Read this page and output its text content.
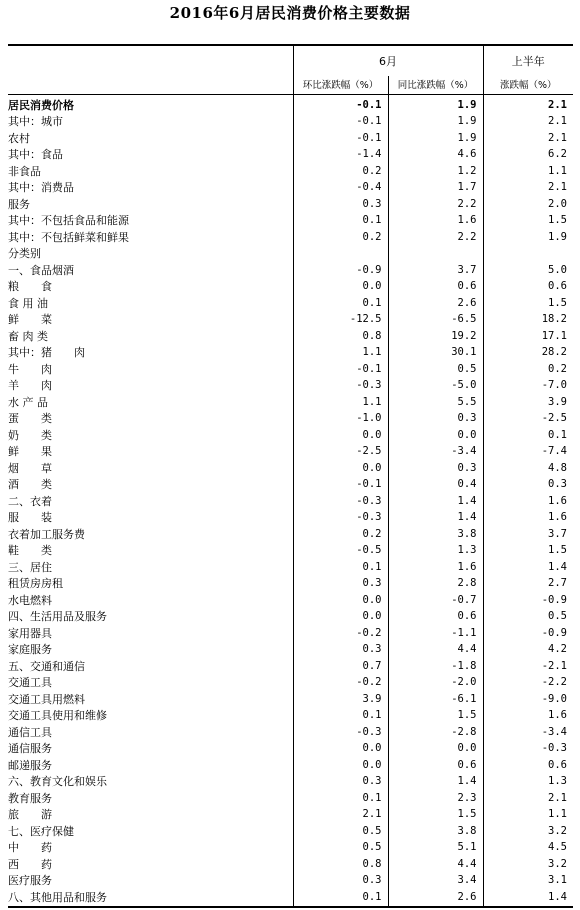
2016年6月居民消费价格主要数据
	6月		上半年
	环比涨跌幅（%）	同比涨跌幅（%）	涨跌幅（%）
居民消费价格	-0.1	1.9	2.1
其中：城市	-0.1	1.9	2.1
农村	-0.1	1.9	2.1
其中：食品	-1.4	4.6	6.2
非食品	0.2	1.2	1.1
其中：消费品	-0.4	1.7	2.1
服务	0.3	2.2	2.0
其中：不包括食品和能源	0.1	1.6	1.5
其中：不包括鲜菜和鲜果	0.2	2.2	1.9
分类别			
一、食品烟酒	-0.9	3.7	5.0
粮　　食	0.0	0.6	0.6
食 用 油	0.1	2.6	1.5
鲜　　菜	-12.5	-6.5	18.2
畜 肉 类	0.8	19.2	17.1
其中：猪　　肉	1.1	30.1	28.2
牛　　肉	-0.1	0.5	0.2
羊　　肉	-0.3	-5.0	-7.0
水 产 品	1.1	5.5	3.9
蛋　　类	-1.0	0.3	-2.5
奶　　类	0.0	0.0	0.1
鲜　　果	-2.5	-3.4	-7.4
烟　　草	0.0	0.3	4.8
酒　　类	-0.1	0.4	0.3
二、衣着	-0.3	1.4	1.6
服　　装	-0.3	1.4	1.6
衣着加工服务费	0.2	3.8	3.7
鞋　　类	-0.5	1.3	1.5
三、居住	0.1	1.6	1.4
租赁房房租	0.3	2.8	2.7
水电燃料	0.0	-0.7	-0.9
四、生活用品及服务	0.0	0.6	0.5
家用器具	-0.2	-1.1	-0.9
家庭服务	0.3	4.4	4.2
五、交通和通信	0.7	-1.8	-2.1
交通工具	-0.2	-2.0	-2.2
交通工具用燃料	3.9	-6.1	-9.0
交通工具使用和维修	0.1	1.5	1.6
通信工具	-0.3	-2.8	-3.4
通信服务	0.0	0.0	-0.3
邮递服务	0.0	0.6	0.6
六、教育文化和娱乐	0.3	1.4	1.3
教育服务	0.1	2.3	2.1
旅　　游	2.1	1.5	1.1
七、医疗保健	0.5	3.8	3.2
中　　药	0.5	5.1	4.5
西　　药	0.8	4.4	3.2
医疗服务	0.3	3.4	3.1
八、其他用品和服务	0.1	2.6	1.4
